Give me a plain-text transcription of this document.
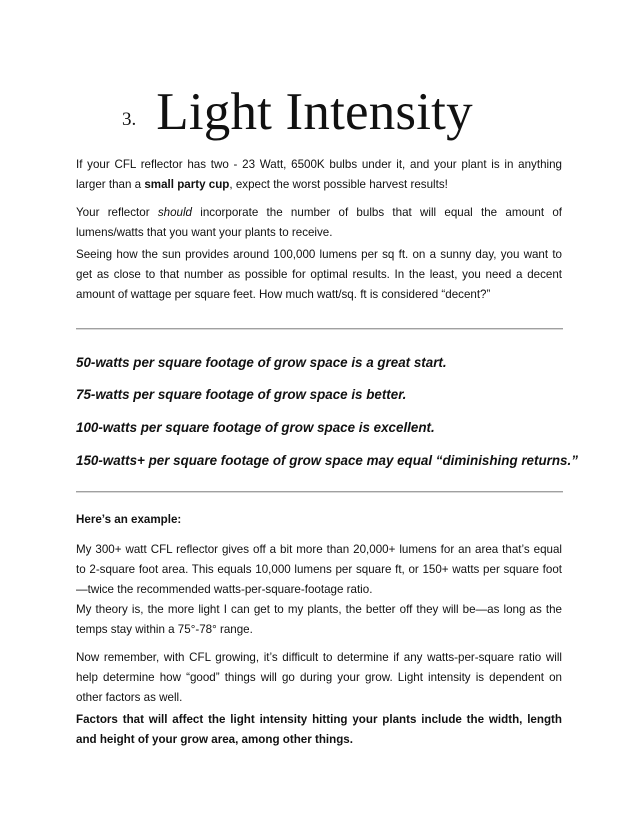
3. Light Intensity

If your CFL reflector has two - 23 Watt, 6500K bulbs under it, and your plant is in anything larger than a small party cup, expect the worst possible harvest results!

Your reflector should incorporate the number of bulbs that will equal the amount of lumens/watts that you want your plants to receive.

Seeing how the sun provides around 100,000 lumens per sq ft. on a sunny day, you want to get as close to that number as possible for optimal results. In the least, you need a decent amount of wattage per square feet. How much watt/sq. ft is considered “decent?”

50-watts per square footage of grow space is a great start.

75-watts per square footage of grow space is better.

100-watts per square footage of grow space is excellent.

150-watts+ per square footage of grow space may equal “diminishing returns.”

Here’s an example:

My 300+ watt CFL reflector gives off a bit more than 20,000+ lumens for an area that’s equal to 2-square foot area. This equals 10,000 lumens per square ft, or 150+ watts per square foot—twice the recommended watts-per-square-footage ratio.

My theory is, the more light I can get to my plants, the better off they will be—as long as the temps stay within a 75°-78° range.

Now remember, with CFL growing, it’s difficult to determine if any watts-per-square ratio will help determine how “good” things will go during your grow. Light intensity is dependent on other factors as well.

Factors that will affect the light intensity hitting your plants include the width, length and height of your grow area, among other things.
